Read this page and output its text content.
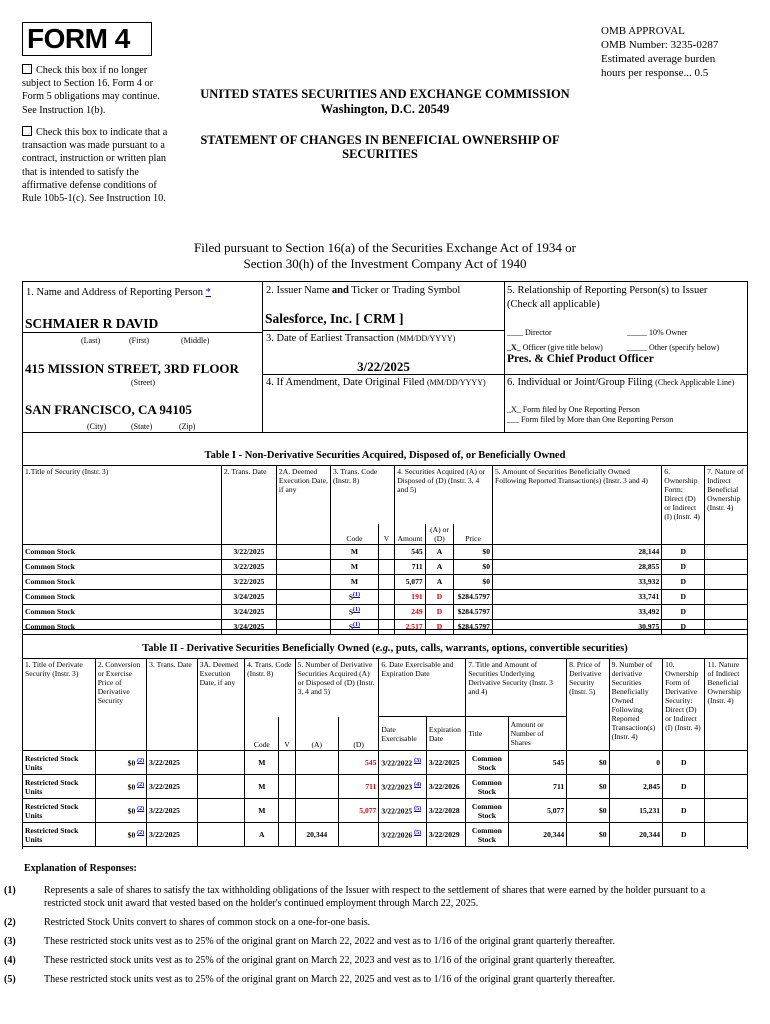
FORM 4	OMB APPROVAL
OMB Number: 3235-0287
Estimated average burden
hours per response... 0.5
Check this box if no longer subject to Section 16. Form 4 or Form 5 obligations may continue. See Instruction 1(b).
Check this box to indicate that a transaction was made pursuant to a contract, instruction or written plan that is intended to satisfy the affirmative defense conditions of Rule 10b5-1(c). See Instruction 10.
UNITED STATES SECURITIES AND EXCHANGE COMMISSION
Washington, D.C. 20549
STATEMENT OF CHANGES IN BENEFICIAL OWNERSHIP OF SECURITIES
Filed pursuant to Section 16(a) of the Securities Exchange Act of 1934 or
Section 30(h) of the Investment Company Act of 1940
1. Name and Address of Reporting Person *
SCHMAIER R DAVID
(Last)	(First)	(Middle)
415 MISSION STREET, 3RD FLOOR
(Street)
SAN FRANCISCO, CA 94105
(City)	(State)	(Zip)
2. Issuer Name and Ticker or Trading Symbol
Salesforce, Inc. [ CRM ]
3. Date of Earliest Transaction (MM/DD/YYYY)
3/22/2025
4. If Amendment, Date Original Filed (MM/DD/YYYY)
5. Relationship of Reporting Person(s) to Issuer
(Check all applicable)
____ Director	_____ 10% Owner
_X_ Officer (give title below)	_____ Other (specify below)
Pres. & Chief Product Officer
6. Individual or Joint/Group Filing (Check Applicable Line)
_X_ Form filed by One Reporting Person
___ Form filed by More than One Reporting Person
Table I - Non-Derivative Securities Acquired, Disposed of, or Beneficially Owned
1.Title of Security (Instr. 3)	2. Trans. Date	2A. Deemed Execution Date, if any	3. Trans. Code (Instr. 8)		4. Securities Acquired (A) or Disposed of (D) (Instr. 3, 4 and 5)			5. Amount of Securities Beneficially Owned Following Reported Transaction(s) (Instr. 3 and 4)	6. Ownership Form: Direct (D) or Indirect (I) (Instr. 4)	7. Nature of Indirect Beneficial Ownership (Instr. 4)
			Code	V	Amount	(A) or (D)	Price			
Common Stock	3/22/2025		M		545	A	$0	28,144	D	
Common Stock	3/22/2025		M		711	A	$0	28,855	D	
Common Stock	3/22/2025		M		5,077	A	$0	33,932	D	
Common Stock	3/24/2025		$S^{(1)}$		191	D	$284.5797	33,741	D	
Common Stock	3/24/2025		$S^{(1)}$		249	D	$284.5797	33,492	D	
Common Stock	3/24/2025		$S^{(1)}$		2,517	D	$284.5797	30,975	D	
Table II - Derivative Securities Beneficially Owned (e.g., puts, calls, warrants, options, convertible securities)
1. Title of Derivate Security (Instr. 3)	2. Conversion or Exercise Price of Derivative Security	3. Trans. Date	3A. Deemed Execution Date, if any	4. Trans. Code (Instr. 8)		5. Number of Derivative Securities Acquired (A) or Disposed of (D) (Instr. 3, 4 and 5)		6. Date Exercisable and Expiration Date		7. Title and Amount of Securities Underlying Derivative Security (Instr. 3 and 4)		8. Price of Derivative Security (Instr. 5)	9. Number of derivative Securities Beneficially Owned Following Reported Transaction(s) (Instr. 4)	10. Ownership Form of Derivative Security: Direct (D) or Indirect (I) (Instr. 4)	11. Nature of Indirect Beneficial Ownership (Instr. 4)
				Code	V	(A)	(D)	Date Exercisable	Expiration Date	Title	Amount or Number of Shares				
Restricted Stock Units	$0 $^{(2)}$	3/22/2025		M			545	3/22/2022 $^{(3)}$	3/22/2025	Common Stock	545	$0	0	D	
Restricted Stock Units	$0 $^{(2)}$	3/22/2025		M			711	3/22/2023 $^{(4)}$	3/22/2026	Common Stock	711	$0	2,845	D	
Restricted Stock Units	$0 $^{(2)}$	3/22/2025		M			5,077	3/22/2025 $^{(5)}$	3/22/2028	Common Stock	5,077	$0	15,231	D	
Restricted Stock Units	$0 $^{(2)}$	3/22/2025		A		20,344		3/22/2026 $^{(5)}$	3/22/2029	Common Stock	20,344	$0	20,344	D	

Explanation of Responses:

(1)	Represents a sale of shares to satisfy the tax withholding obligations of the Issuer with respect to the settlement of shares that were earned by the holder pursuant to a restricted stock unit award that vested based on the holder's continued employment through March 22, 2025.

(2)	Restricted Stock Units convert to shares of common stock on a one-for-one basis.

(3)	These restricted stock units vest as to 25% of the original grant on March 22, 2022 and vest as to 1/16 of the original grant quarterly thereafter.

(4)	These restricted stock units vest as to 25% of the original grant on March 22, 2023 and vest as to 1/16 of the original grant quarterly thereafter.

(5)	These restricted stock units vest as to 25% of the original grant on March 22, 2025 and vest as to 1/16 of the original grant quarterly thereafter.
